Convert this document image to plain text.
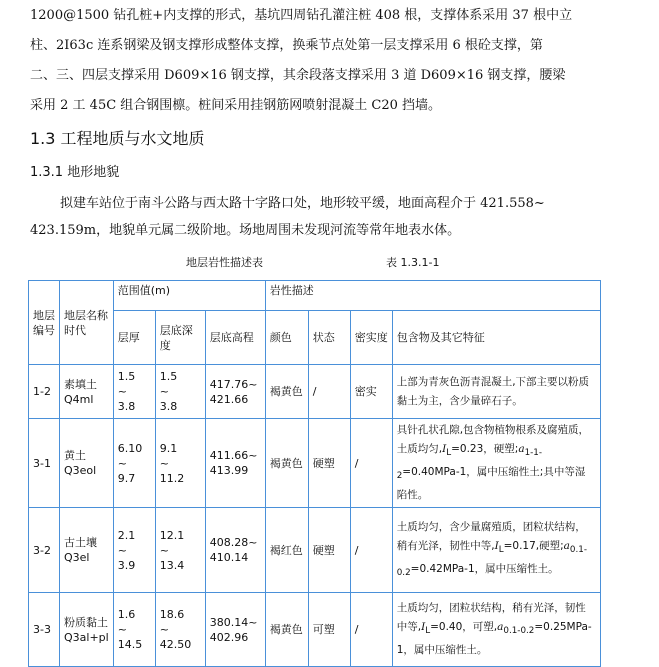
1200@1500 钻孔桩+内支撑的形式，基坑四周钻孔灌注桩 408 根，支撑体系采用 37 根中立
柱、2I63c 连系钢梁及钢支撑形成整体支撑，换乘节点处第一层支撑采用 6 根砼支撑，第
二、三、四层支撑采用 D609×16 钢支撑，其余段落支撑采用 3 道 D609×16 钢支撑，腰梁
采用 2 工 45C 组合钢围檩。桩间采用挂钢筋网喷射混凝土 C20 挡墙。
1.3 工程地质与水文地质
1.3.1 地形地貌
拟建车站位于南斗公路与西太路十字路口处，地形较平缓，地面高程介于 421.558~
423.159m，地貌单元属二级阶地。场地周围未发现河流等常年地表水体。
地层岩性描述表	表 1.3.1-1
地层编号	地层名称时代	范围值(m)			岩性描述			
		层厚	层底深度	层底高程	颜色	状态	密实度	包含物及其它特征
1-2	素填土
Q4ml	1.5
~
3.8	1.5
~
3.8	417.76~
421.66	褐黄色	/	密实	上部为青灰色沥青混凝土,下部主要以粉质黏土为主，含少量碎石子。
3-1	黄土
Q3eol	6.10
~
9.7	9.1
~
11.2	411.66~
413.99	褐黄色	硬塑	/	具针孔状孔隙,包含物植物根系及腐殖质，土质均匀$,I_L=0.23$，硬塑$;a_{1-1-2}=0.40MPa-1$，属中压缩性土;具中等湿陷性。
3-2	古土壤
Q3el	2.1
~
3.9	12.1
~
13.4	408.28~
410.14	褐红色	硬塑	/	土质均匀，含少量腐殖质，团粒状结构，稍有光泽，韧性中等$,I_L=0.17$,硬塑$;a_{0.1-0.2}=0.42MPa-1$，属中压缩性土。
3-3	粉质黏土
Q3al+pl	1.6
~
14.5	18.6
~
42.50	380.14~
402.96	褐黄色	可塑	/	土质均匀，团粒状结构，稍有光泽，韧性中等$,I_L=0.40$，可塑$,a_{0.1-0.2}=0.25MPa-1$，属中压缩性土。
